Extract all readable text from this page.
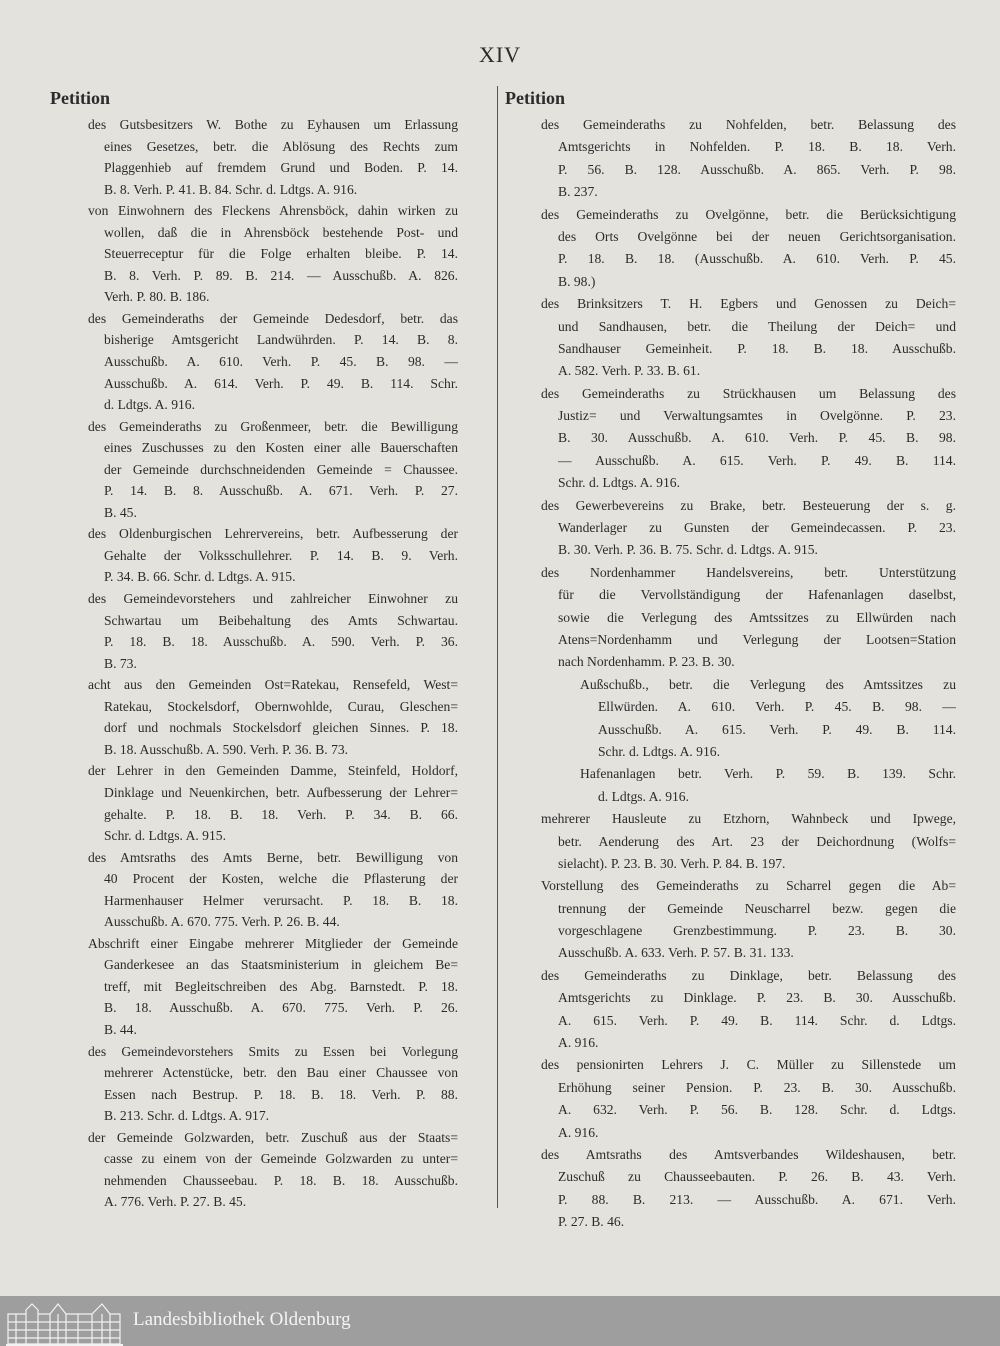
XIV
Petition	Petition
des Gutsbesitzers W. Bothe zu Eyhausen um Erlassung
eines Gesetzes, betr. die Ablösung des Rechts zum
Plaggenhieb auf fremdem Grund und Boden. P. 14.
B. 8. Verh. P. 41. B. 84. Schr. d. Ldtgs. A. 916.
von Einwohnern des Fleckens Ahrensböck, dahin wirken zu
wollen, daß die in Ahrensböck bestehende Post- und
Steuerreceptur für die Folge erhalten bleibe. P. 14.
B. 8. Verh. P. 89. B. 214. — Ausschußb. A. 826.
Verh. P. 80. B. 186.
des Gemeinderaths der Gemeinde Dedesdorf, betr. das
bisherige Amtsgericht Landwührden. P. 14. B. 8.
Ausschußb. A. 610. Verh. P. 45. B. 98. —
Ausschußb. A. 614. Verh. P. 49. B. 114. Schr.
d. Ldtgs. A. 916.
des Gemeinderaths zu Großenmeer, betr. die Bewilligung
eines Zuschusses zu den Kosten einer alle Bauerschaften
der Gemeinde durchschneidenden Gemeinde = Chaussee.
P. 14. B. 8. Ausschußb. A. 671. Verh. P. 27.
B. 45.
des Oldenburgischen Lehrervereins, betr. Aufbesserung der
Gehalte der Volksschullehrer. P. 14. B. 9. Verh.
P. 34. B. 66. Schr. d. Ldtgs. A. 915.
des Gemeindevorstehers und zahlreicher Einwohner zu
Schwartau um Beibehaltung des Amts Schwartau.
P. 18. B. 18. Ausschußb. A. 590. Verh. P. 36.
B. 73.
acht aus den Gemeinden Ost=Ratekau, Rensefeld, West=
Ratekau, Stockelsdorf, Obernwohlde, Curau, Gleschen=
dorf und nochmals Stockelsdorf gleichen Sinnes. P. 18.
B. 18. Ausschußb. A. 590. Verh. P. 36. B. 73.
der Lehrer in den Gemeinden Damme, Steinfeld, Holdorf,
Dinklage und Neuenkirchen, betr. Aufbesserung der Lehrer=
gehalte. P. 18. B. 18. Verh. P. 34. B. 66.
Schr. d. Ldtgs. A. 915.
des Amtsraths des Amts Berne, betr. Bewilligung von
40 Procent der Kosten, welche die Pflasterung der
Harmenhauser Helmer verursacht. P. 18. B. 18.
Ausschußb. A. 670. 775. Verh. P. 26. B. 44.
Abschrift einer Eingabe mehrerer Mitglieder der Gemeinde
Ganderkesee an das Staatsministerium in gleichem Be=
treff, mit Begleitschreiben des Abg. Barnstedt. P. 18.
B. 18. Ausschußb. A. 670. 775. Verh. P. 26.
B. 44.
des Gemeindevorstehers Smits zu Essen bei Vorlegung
mehrerer Actenstücke, betr. den Bau einer Chaussee von
Essen nach Bestrup. P. 18. B. 18. Verh. P. 88.
B. 213. Schr. d. Ldtgs. A. 917.
der Gemeinde Golzwarden, betr. Zuschuß aus der Staats=
casse zu einem von der Gemeinde Golzwarden zu unter=
nehmenden Chausseebau. P. 18. B. 18. Ausschußb.
A. 776. Verh. P. 27. B. 45.
des Gemeinderaths zu Nohfelden, betr. Belassung des
Amtsgerichts in Nohfelden. P. 18. B. 18. Verh.
P. 56. B. 128. Ausschußb. A. 865. Verh. P. 98.
B. 237.
des Gemeinderaths zu Ovelgönne, betr. die Berücksichtigung
des Orts Ovelgönne bei der neuen Gerichtsorganisation.
P. 18. B. 18. (Ausschußb. A. 610. Verh. P. 45.
B. 98.)
des Brinksitzers T. H. Egbers und Genossen zu Deich=
und Sandhausen, betr. die Theilung der Deich= und
Sandhauser Gemeinheit. P. 18. B. 18. Ausschußb.
A. 582. Verh. P. 33. B. 61.
des Gemeinderaths zu Strückhausen um Belassung des
Justiz= und Verwaltungsamtes in Ovelgönne. P. 23.
B. 30. Ausschußb. A. 610. Verh. P. 45. B. 98.
— Ausschußb. A. 615. Verh. P. 49. B. 114.
Schr. d. Ldtgs. A. 916.
des Gewerbevereins zu Brake, betr. Besteuerung der s. g.
Wanderlager zu Gunsten der Gemeindecassen. P. 23.
B. 30. Verh. P. 36. B. 75. Schr. d. Ldtgs. A. 915.
des Nordenhammer Handelsvereins, betr. Unterstützung
für die Vervollständigung der Hafenanlagen daselbst,
sowie die Verlegung des Amtssitzes zu Ellwürden nach
Atens=Nordenhamm und Verlegung der Lootsen=Station
nach Nordenhamm. P. 23. B. 30.
Außschußb., betr. die Verlegung des Amtssitzes zu
Ellwürden. A. 610. Verh. P. 45. B. 98. —
Ausschußb. A. 615. Verh. P. 49. B. 114.
Schr. d. Ldtgs. A. 916.
Hafenanlagen betr. Verh. P. 59. B. 139. Schr.
d. Ldtgs. A. 916.
mehrerer Hausleute zu Etzhorn, Wahnbeck und Ipwege,
betr. Aenderung des Art. 23 der Deichordnung (Wolfs=
sielacht). P. 23. B. 30. Verh. P. 84. B. 197.
Vorstellung des Gemeinderaths zu Scharrel gegen die Ab=
trennung der Gemeinde Neuscharrel bezw. gegen die
vorgeschlagene Grenzbestimmung. P. 23. B. 30.
Ausschußb. A. 633. Verh. P. 57. B. 31. 133.
des Gemeinderaths zu Dinklage, betr. Belassung des
Amtsgerichts zu Dinklage. P. 23. B. 30. Ausschußb.
A. 615. Verh. P. 49. B. 114. Schr. d. Ldtgs.
A. 916.
des pensionirten Lehrers J. C. Müller zu Sillenstede um
Erhöhung seiner Pension. P. 23. B. 30. Ausschußb.
A. 632. Verh. P. 56. B. 128. Schr. d. Ldtgs.
A. 916.
des Amtsraths des Amtsverbandes Wildeshausen, betr.
Zuschuß zu Chausseebauten. P. 26. B. 43. Verh.
P. 88. B. 213. — Ausschußb. A. 671. Verh.
P. 27. B. 46.
Landesbibliothek Oldenburg
